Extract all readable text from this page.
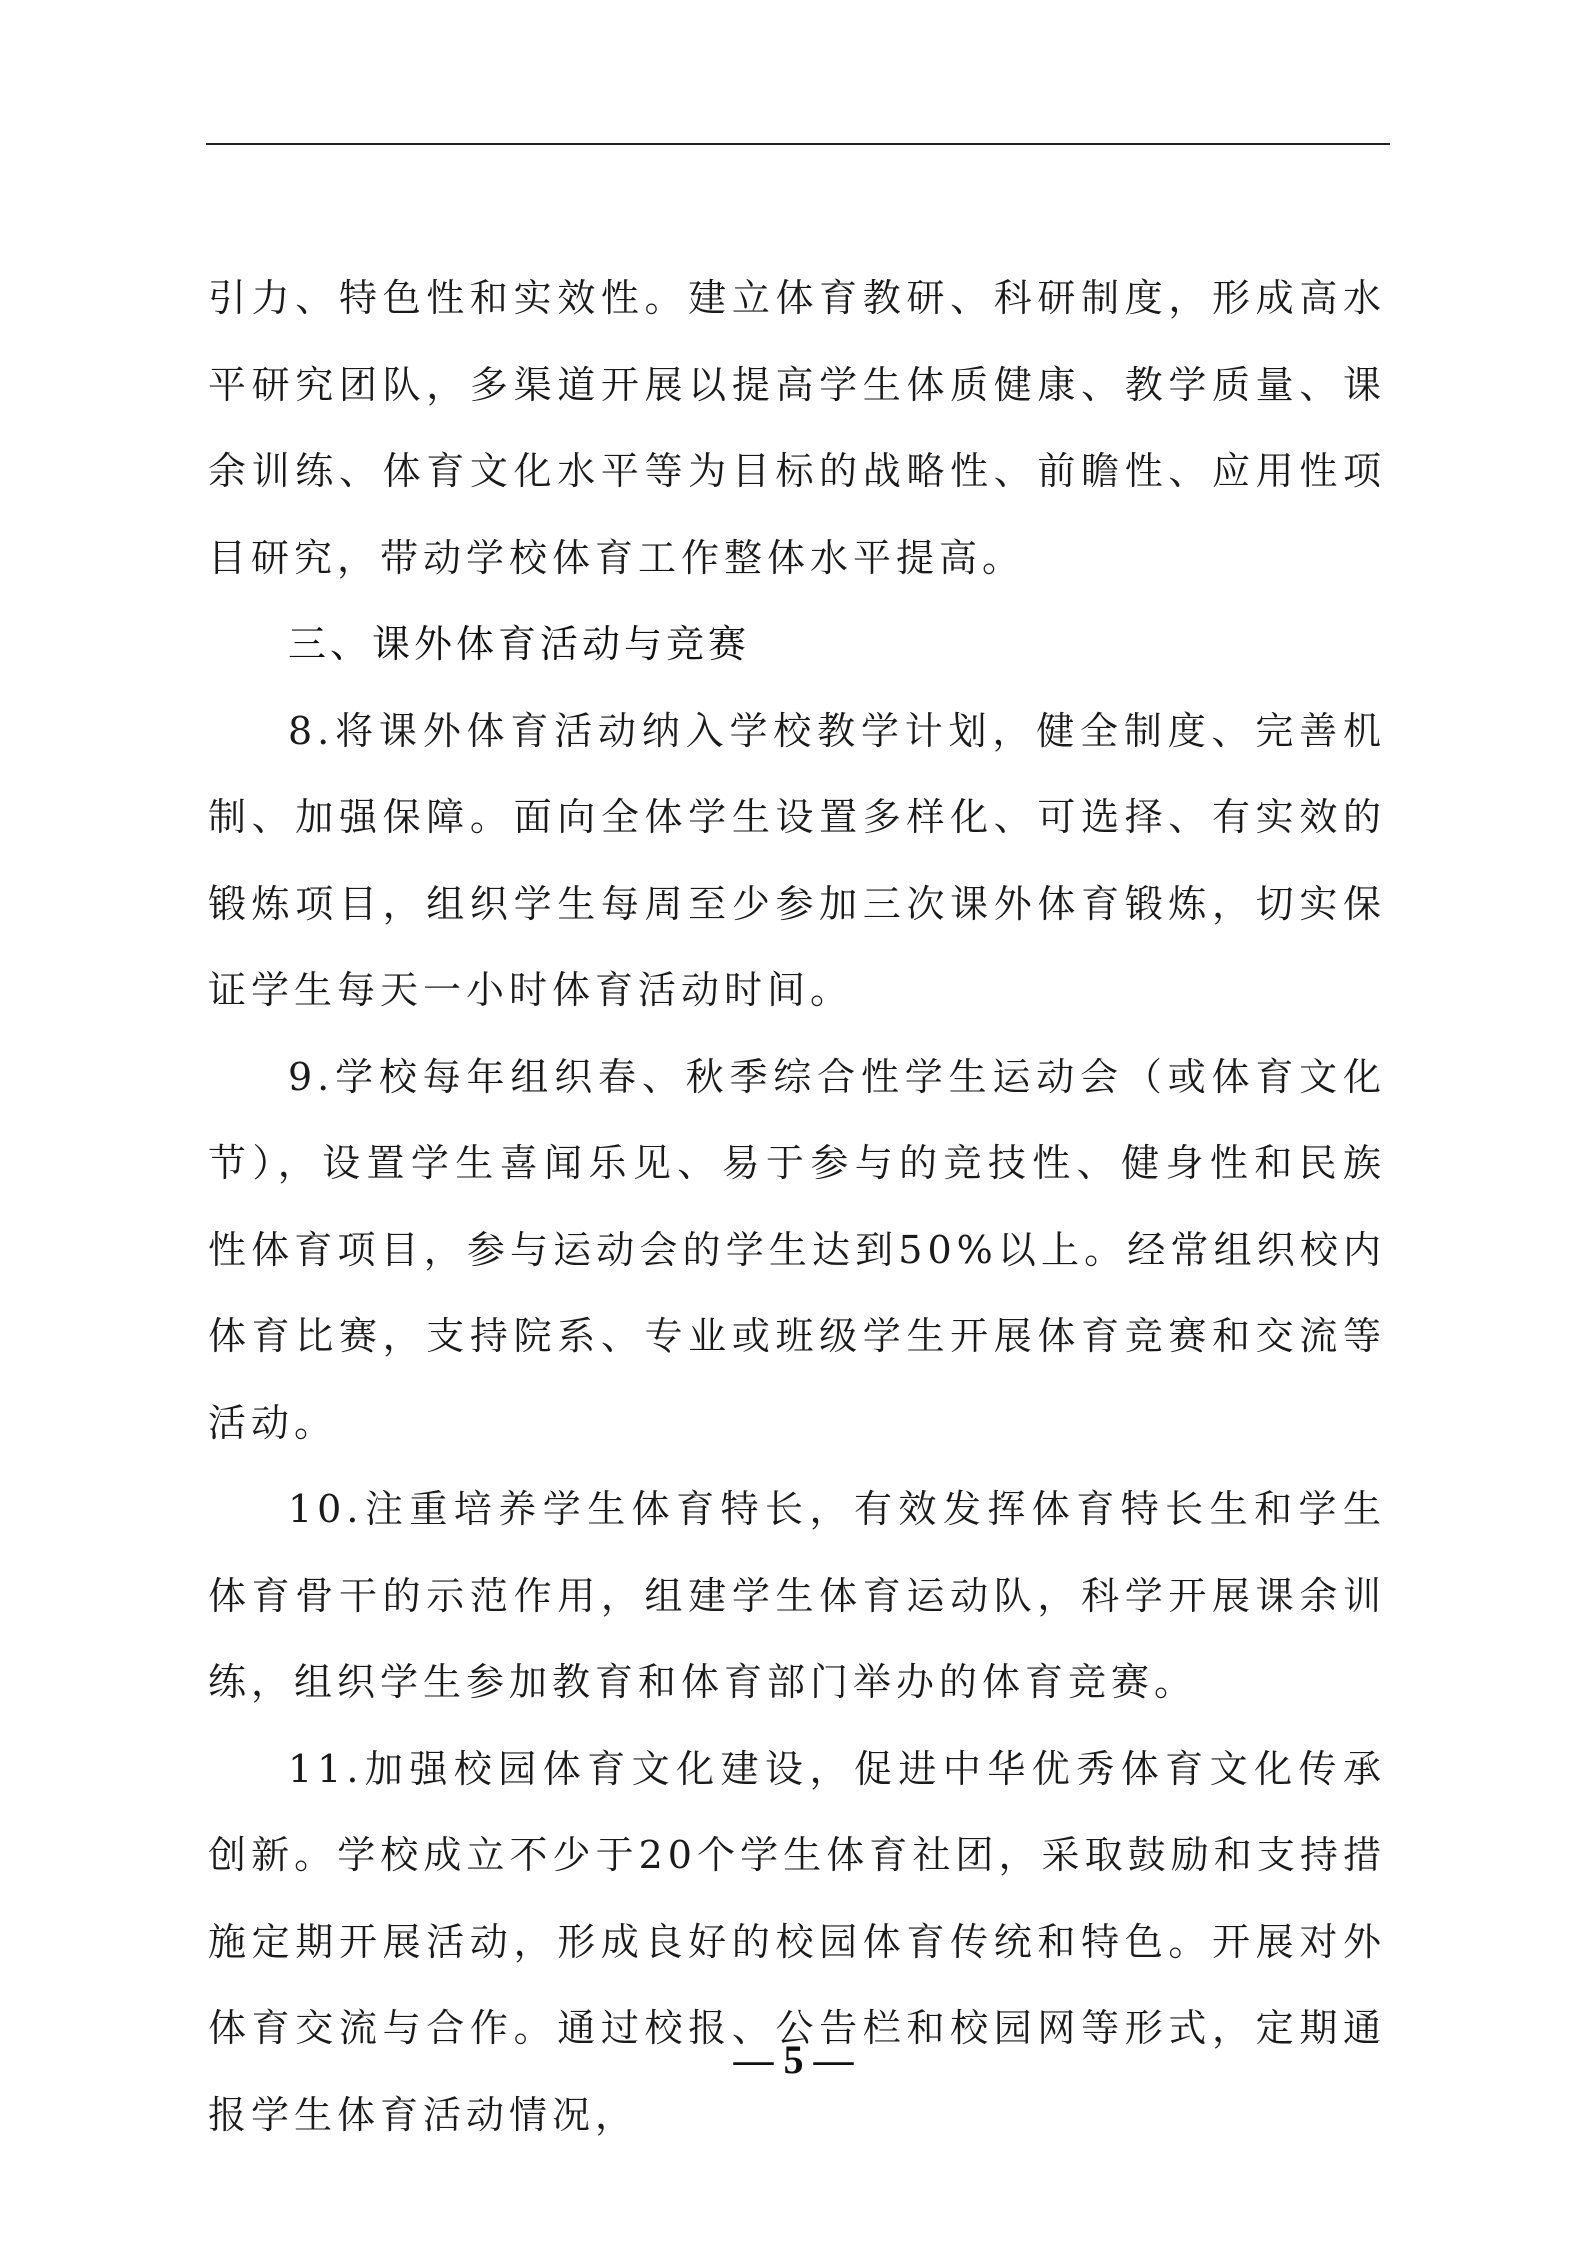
引力、特色性和实效性。建立体育教研、科研制度，形成高水平研究团队，多渠道开展以提高学生体质健康、教学质量、课余训练、体育文化水平等为目标的战略性、前瞻性、应用性项目研究，带动学校体育工作整体水平提高。

三、课外体育活动与竞赛

8.将课外体育活动纳入学校教学计划，健全制度、完善机制、加强保障。面向全体学生设置多样化、可选择、有实效的锻炼项目，组织学生每周至少参加三次课外体育锻炼，切实保证学生每天一小时体育活动时间。

9.学校每年组织春、秋季综合性学生运动会（或体育文化节），设置学生喜闻乐见、易于参与的竞技性、健身性和民族性体育项目，参与运动会的学生达到50%以上。经常组织校内体育比赛，支持院系、专业或班级学生开展体育竞赛和交流等活动。

10.注重培养学生体育特长，有效发挥体育特长生和学生体育骨干的示范作用，组建学生体育运动队，科学开展课余训练，组织学生参加教育和体育部门举办的体育竞赛。

11.加强校园体育文化建设，促进中华优秀体育文化传承创新。学校成立不少于20个学生体育社团，采取鼓励和支持措施定期开展活动，形成良好的校园体育传统和特色。开展对外体育交流与合作。通过校报、公告栏和校园网等形式，定期通报学生体育活动情况，

— 5 —
